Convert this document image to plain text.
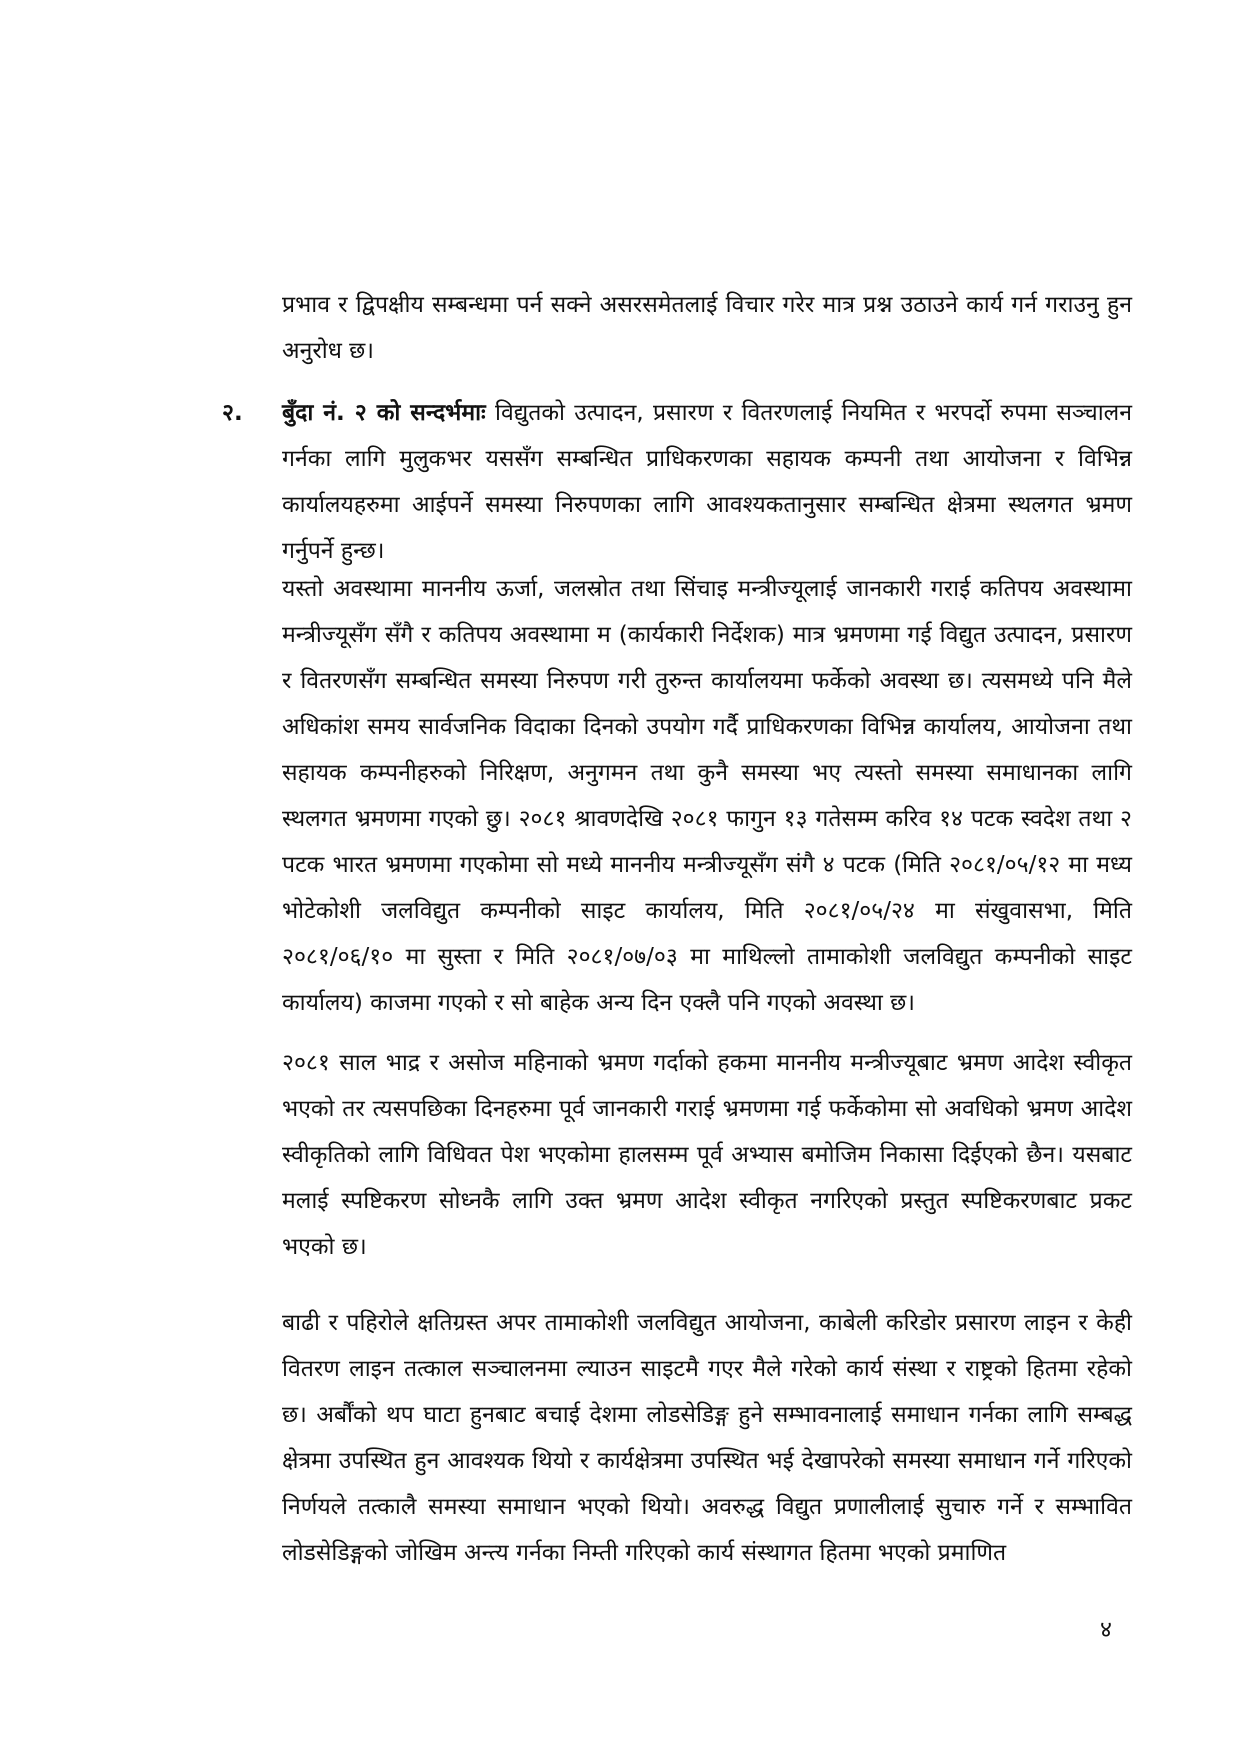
प्रभाव र द्विपक्षीय सम्बन्धमा पर्न सक्ने असरसमेतलाई विचार गरेर मात्र प्रश्न उठाउने कार्य गर्न गराउनु हुन अनुरोध छ।

२. बुँदा नं. २ को सन्दर्भमाः विद्युतको उत्पादन, प्रसारण र वितरणलाई नियमित र भरपर्दो रुपमा सञ्चालन गर्नका लागि मुलुकभर यससँग सम्बन्धित प्राधिकरणका सहायक कम्पनी तथा आयोजना र विभिन्न कार्यालयहरुमा आईपर्ने समस्या निरुपणका लागि आवश्यकतानुसार सम्बन्धित क्षेत्रमा स्थलगत भ्रमण गर्नुपर्ने हुन्छ।

यस्तो अवस्थामा माननीय ऊर्जा, जलस्रोत तथा सिंचाइ मन्त्रीज्यूलाई जानकारी गराई कतिपय अवस्थामा मन्त्रीज्यूसँग सँगै र कतिपय अवस्थामा म (कार्यकारी निर्देशक) मात्र भ्रमणमा गई विद्युत उत्पादन, प्रसारण र वितरणसँग सम्बन्धित समस्या निरुपण गरी तुरुन्त कार्यालयमा फर्केको अवस्था छ। त्यसमध्ये पनि मैले अधिकांश समय सार्वजनिक विदाका दिनको उपयोग गर्दै प्राधिकरणका विभिन्न कार्यालय, आयोजना तथा सहायक कम्पनीहरुको निरिक्षण, अनुगमन तथा कुनै समस्या भए त्यस्तो समस्या समाधानका लागि स्थलगत भ्रमणमा गएको छु। २०८१ श्रावणदेखि २०८१ फागुन १३ गतेसम्म करिव १४ पटक स्वदेश तथा २ पटक भारत भ्रमणमा गएकोमा सो मध्ये माननीय मन्त्रीज्यूसँग संगै ४ पटक (मिति २०८१/०५/१२ मा मध्य भोटेकोशी जलविद्युत कम्पनीको साइट कार्यालय, मिति २०८१/०५/२४ मा संखुवासभा, मिति २०८१/०६/१० मा सुस्ता र मिति २०८१/०७/०३ मा माथिल्लो तामाकोशी जलविद्युत कम्पनीको साइट कार्यालय) काजमा गएको र सो बाहेक अन्य दिन एक्लै पनि गएको अवस्था छ।

२०८१ साल भाद्र र असोज महिनाको भ्रमण गर्दाको हकमा माननीय मन्त्रीज्यूबाट भ्रमण आदेश स्वीकृत भएको तर त्यसपछिका दिनहरुमा पूर्व जानकारी गराई भ्रमणमा गई फर्केकोमा सो अवधिको भ्रमण आदेश स्वीकृतिको लागि विधिवत पेश भएकोमा हालसम्म पूर्व अभ्यास बमोजिम निकासा दिईएको छैन। यसबाट मलाई स्पष्टिकरण सोध्नकै लागि उक्त भ्रमण आदेश स्वीकृत नगरिएको प्रस्तुत स्पष्टिकरणबाट प्रकट भएको छ।

बाढी र पहिरोले क्षतिग्रस्त अपर तामाकोशी जलविद्युत आयोजना, काबेली करिडोर प्रसारण लाइन र केही वितरण लाइन तत्काल सञ्चालनमा ल्याउन साइटमै गएर मैले गरेको कार्य संस्था र राष्ट्रको हितमा रहेको छ। अर्बौंको थप घाटा हुनबाट बचाई देशमा लोडसेडिङ्ग हुने सम्भावनालाई समाधान गर्नका लागि सम्बद्ध क्षेत्रमा उपस्थित हुन आवश्यक थियो र कार्यक्षेत्रमा उपस्थित भई देखापरेको समस्या समाधान गर्ने गरिएको निर्णयले तत्कालै समस्या समाधान भएको थियो। अवरुद्ध विद्युत प्रणालीलाई सुचारु गर्ने र सम्भावित लोडसेडिङ्गको जोखिम अन्त्य गर्नका निम्ती गरिएको कार्य संस्थागत हितमा भएको प्रमाणित

४
